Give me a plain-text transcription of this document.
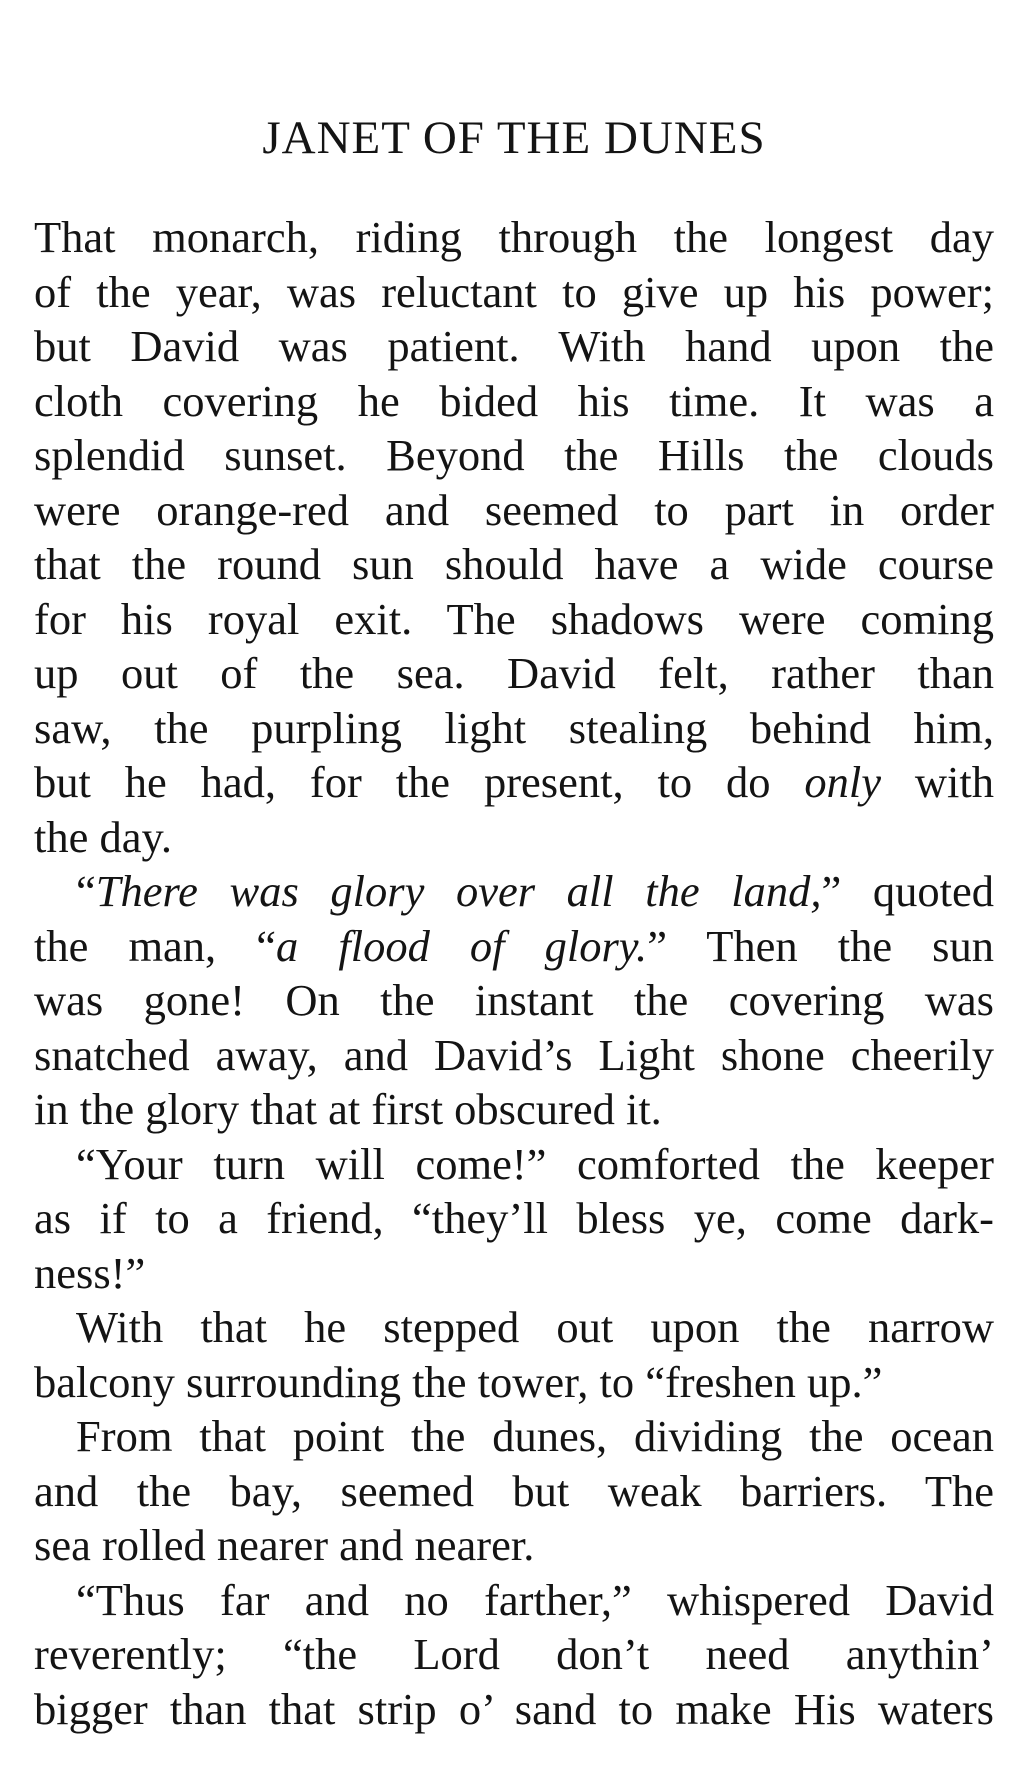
JANET OF THE DUNES
That monarch, riding through the longest day
of the year, was reluctant to give up his power;
but David was patient. With hand upon the
cloth covering he bided his time. It was a
splendid sunset. Beyond the Hills the clouds
were orange-red and seemed to part in order
that the round sun should have a wide course
for his royal exit. The shadows were coming
up out of the sea. David felt, rather than
saw, the purpling light stealing behind him,
but he had, for the present, to do only with
the day.
“There was glory over all the land,” quoted
the man, “a flood of glory.” Then the sun
was gone! On the instant the covering was
snatched away, and David’s Light shone cheerily
in the glory that at first obscured it.
“Your turn will come!” comforted the keeper
as if to a friend, “they’ll bless ye, come dark-
ness!”
With that he stepped out upon the narrow
balcony surrounding the tower, to “freshen up.”
From that point the dunes, dividing the ocean
and the bay, seemed but weak barriers. The
sea rolled nearer and nearer.
“Thus far and no farther,” whispered David
reverently; “the Lord don’t need anythin’
bigger than that strip o’ sand to make His waters
